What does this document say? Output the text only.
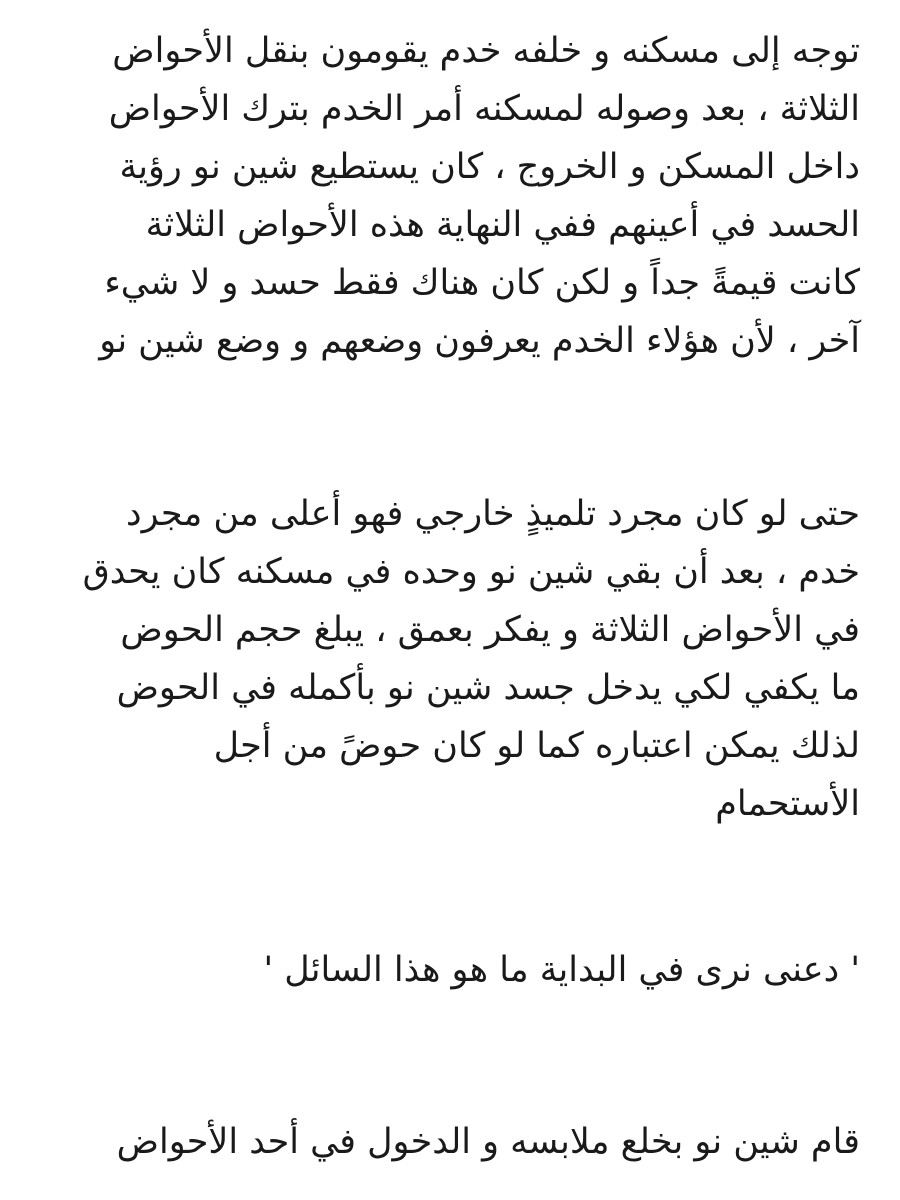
توجه إلى مسكنه و خلفه خدم يقومون بنقل الأحواض
الثلاثة ، بعد وصوله لمسكنه أمر الخدم بترك الأحواض
داخل المسكن و الخروج ، كان يستطيع شين نو رؤية
الحسد في أعينهم ففي النهاية هذه الأحواض الثلاثة
كانت قيمةً جداً و لكن كان هناك فقط حسد و لا شيء
آخر ، لأن هؤلاء الخدم يعرفون وضعهم و وضع شين نو
حتى لو كان مجرد تلميذٍ خارجي فهو أعلى من مجرد
خدم ، بعد أن بقي شين نو وحده في مسكنه كان يحدق
في الأحواض الثلاثة و يفكر بعمق ، يبلغ حجم الحوض
ما يكفي لكي يدخل جسد شين نو بأكمله في الحوض
لذلك يمكن اعتباره كما لو كان حوضً من أجل
الأستحمام
' دعنى نرى في البداية ما هو هذا السائل '
قام شين نو بخلع ملابسه و الدخول في أحد الأحواض
